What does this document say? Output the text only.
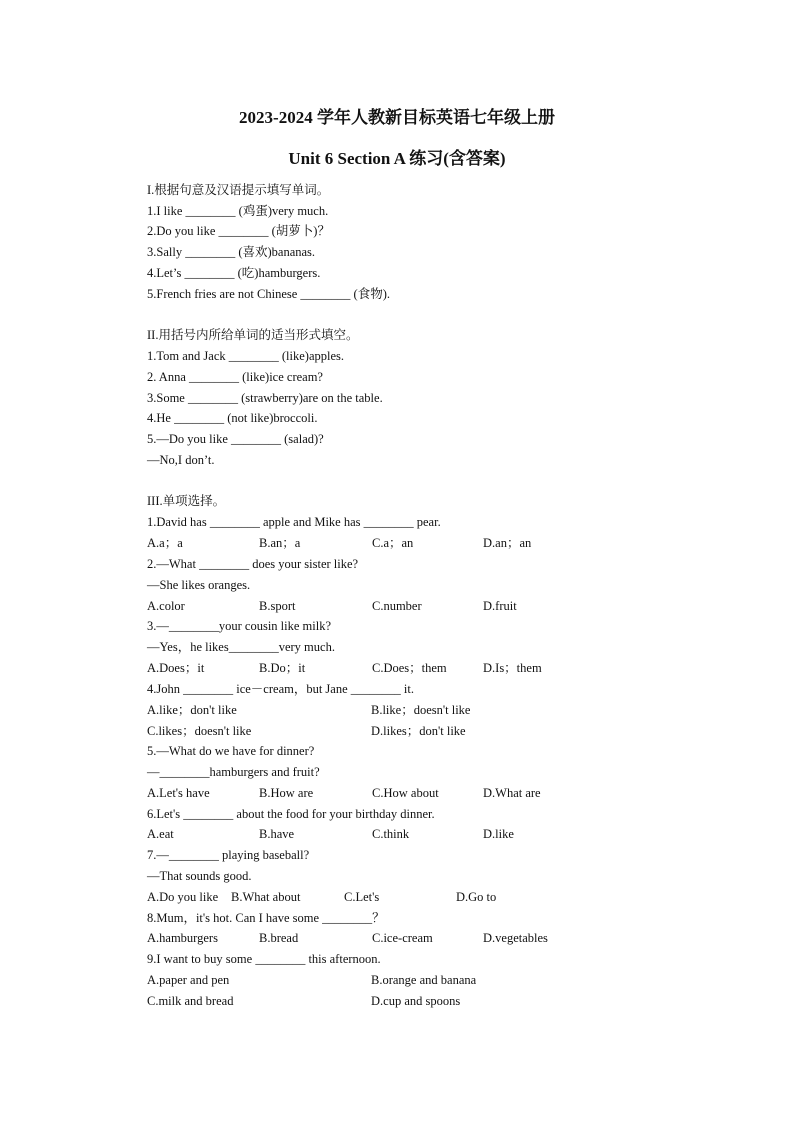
2023-2024 学年人教新目标英语七年级上册
Unit 6 Section A 练习(含答案)
I.根据句意及汉语提示填写单词。
1.I like ________ (鸡蛋)very much.
2.Do you like ________ (胡萝卜)？
3.Sally ________ (喜欢)bananas.
4.Let’s ________ (吃)hamburgers.
5.French fries are not Chinese ________ (食物).
II.用括号内所给单词的适当形式填空。
1.Tom and Jack ________ (like)apples.
2. Anna ________ (like)ice cream?
3.Some ________ (strawberry)are on the table.
4.He ________ (not like)broccoli.
5.—Do you like ________ (salad)?
—No,I don’t.
III.单项选择。
1.David has ________ apple and Mike has ________ pear.
A.a；a	B.an；a	C.a；an	D.an；an
2.—What ________ does your sister like?
—She likes oranges.
A.color	B.sport	C.number	D.fruit
3.—________your cousin like milk?
—Yes，he likes________very much.
A.Does；it	B.Do；it	C.Does；them	D.Is；them
4.John ________ ice－cream，but Jane ________ it.
A.like；don't like	B.like；doesn't like
C.likes；doesn't like	D.likes；don't like
5.—What do we have for dinner?
—________hamburgers and fruit?
A.Let's have	B.How are	C.How about	D.What are
6.Let's ________ about the food for your birthday dinner.
A.eat	B.have	C.think	D.like
7.—________ playing baseball?
—That sounds good.
A.Do you like B.What about	C.Let's	D.Go to
8.Mum，it's hot. Can I have some ________？
A.hamburgers	B.bread	C.ice-cream	D.vegetables
9.I want to buy some ________ this afternoon.
A.paper and pen	B.orange and banana
C.milk and bread	D.cup and spoons
